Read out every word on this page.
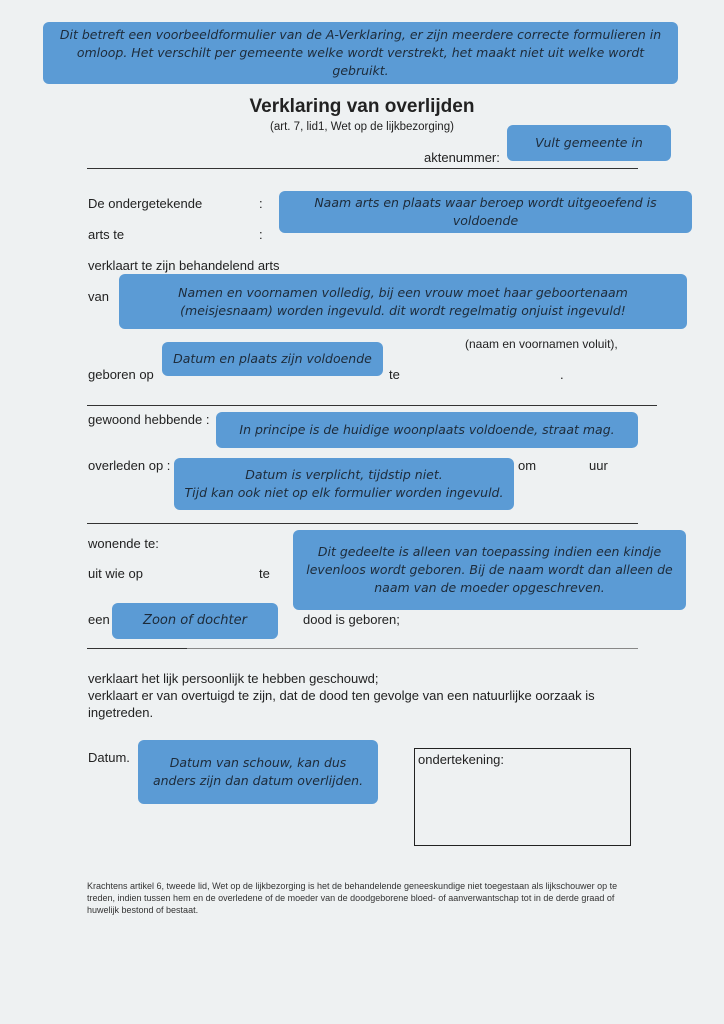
Dit betreft een voorbeeldformulier van de A-Verklaring, er zijn meerdere correcte formulieren in omloop. Het verschilt per gemeente welke wordt verstrekt, het maakt niet uit welke wordt gebruikt.
Verklaring van overlijden
(art. 7, lid1, Wet op de lijkbezorging)
Vult gemeente in
aktenummer:
De ondergetekende	:	Naam arts en plaats waar beroep wordt uitgeoefend is voldoende
arts te	:
verklaart te zijn behandelend arts
van	Namen en voornamen volledig, bij een vrouw moet haar geboortenaam (meisjesnaam) worden ingevuld. dit wordt regelmatig onjuist ingevuld!
(naam en voornamen voluit),
Datum en plaats zijn voldoende
geboren op	te	.
gewoond hebbende :
In principe is de huidige woonplaats voldoende, straat mag.
overleden op :
Datum is verplicht, tijdstip niet.
Tijd kan ook niet op elk formulier worden ingevuld.
om	uur
wonende te:
Dit gedeelte is alleen van toepassing indien een kindje levenloos wordt geboren. Bij de naam wordt dan alleen de naam van de moeder opgeschreven.
uit wie op	te
een	Zoon of dochter	dood is geboren;
verklaart het lijk persoonlijk te hebben geschouwd;
verklaart er van overtuigd te zijn, dat de dood ten gevolge van een natuurlijke oorzaak is
ingetreden.
Datum.	Datum van schouw, kan dus anders zijn dan datum overlijden.
ondertekening:
Krachtens artikel 6, tweede lid, Wet op de lijkbezorging is het de behandelende geneeskundige niet toegestaan als lijkschouwer op te treden, indien tussen hem en de overledene of de moeder van de doodgeborene bloed- of aanverwantschap tot in de derde graad of huwelijk bestond of bestaat.
